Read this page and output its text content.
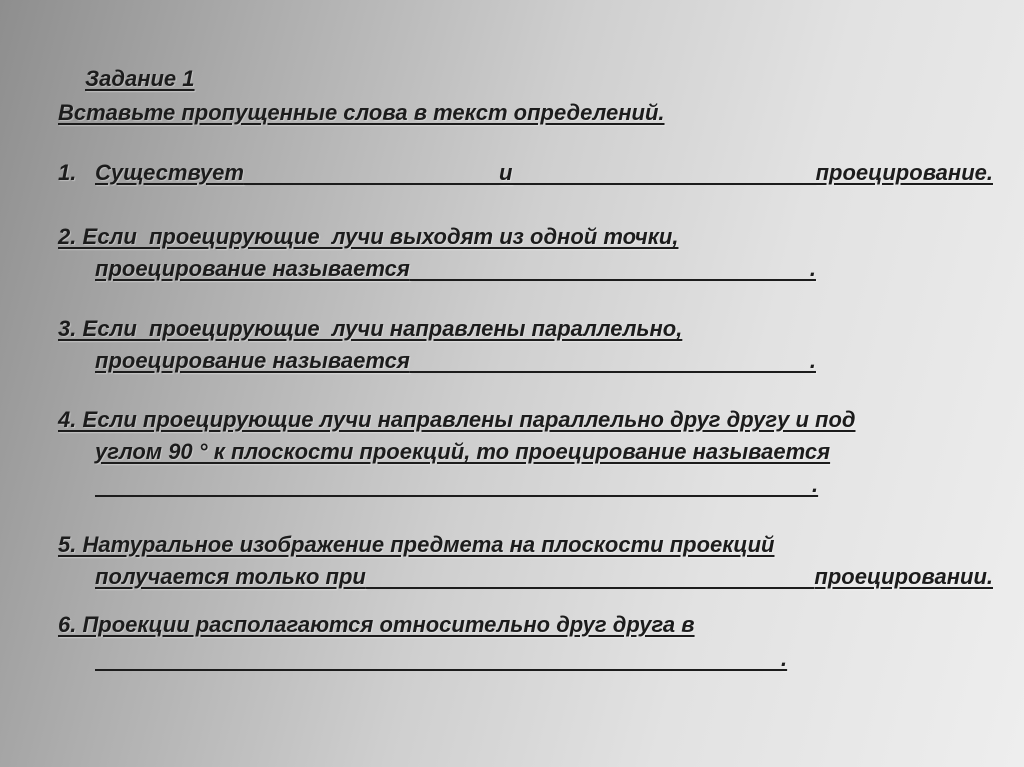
Задание 1
Вставьте пропущенные слова в текст определений.
1. Существует	и	проецирование.
2. Если  проецирующие  лучи выходят из одной точки,
проецирование называется	.
3. Если  проецирующие  лучи направлены параллельно,
проецирование называется	.
4. Если проецирующие лучи направлены параллельно друг другу и под
углом 90 ° к плоскости проекций, то проецирование называется
.
5. Натуральное изображение предмета на плоскости проекций
получается только при	проецировании.
6. Проекции располагаются относительно друг друга в
.
